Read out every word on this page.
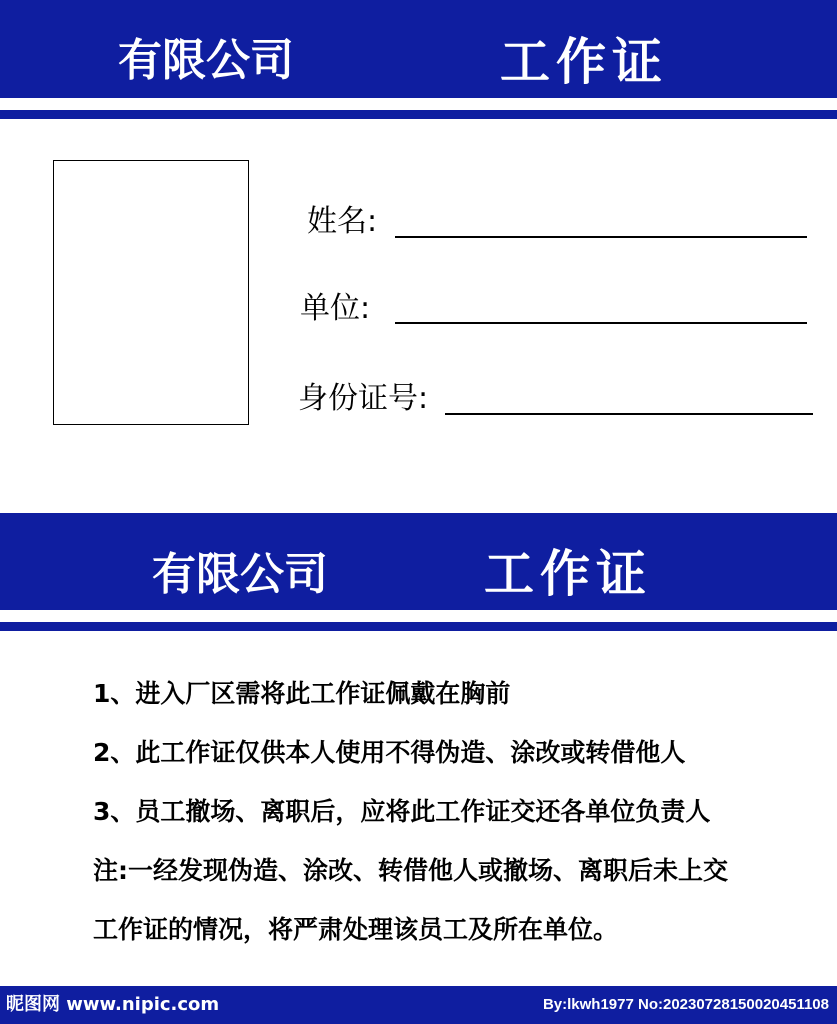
有限公司	工作证
姓名:
单位:
身份证号:
有限公司	工作证
1、进入厂区需将此工作证佩戴在胸前
2、此工作证仅供本人使用不得伪造、涂改或转借他人
3、员工撤场、离职后，应将此工作证交还各单位负责人
注:一经发现伪造、涂改、转借他人或撤场、离职后未上交
工作证的情况，将严肃处理该员工及所在单位。
昵图网 www.nipic.com	By:lkwh1977 No:20230728150020451108
